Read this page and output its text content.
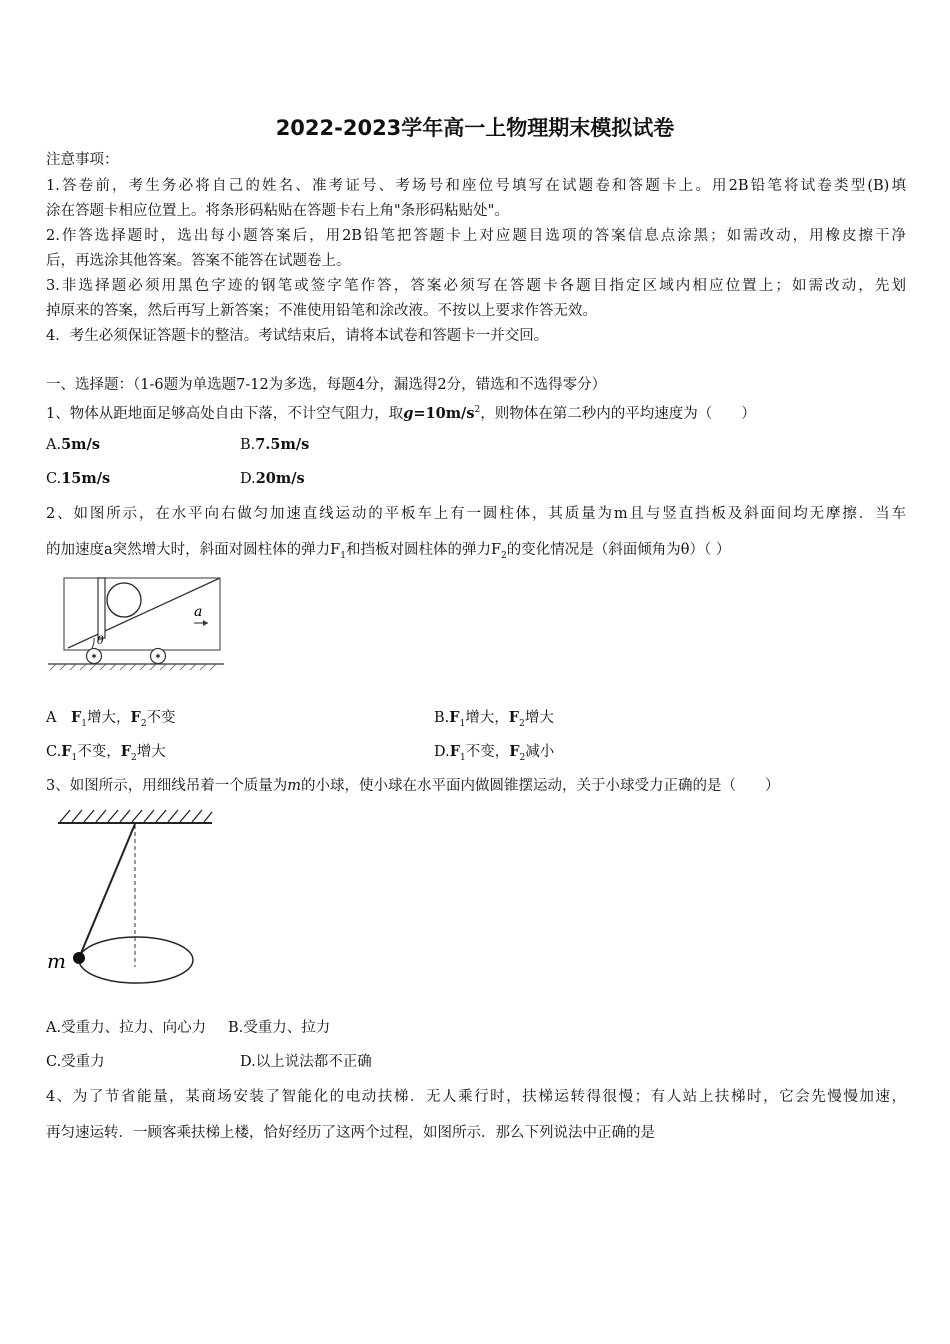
2022-2023学年高一上物理期末模拟试卷
注意事项：
1.答卷前，考生务必将自己的姓名、准考证号、考场号和座位号填写在试题卷和答题卡上。用2B铅笔将试卷类型(B)填
涂在答题卡相应位置上。将条形码粘贴在答题卡右上角"条形码粘贴处"。
2.作答选择题时，选出每小题答案后，用2B铅笔把答题卡上对应题目选项的答案信息点涂黑；如需改动，用橡皮擦干净
后，再选涂其他答案。答案不能答在试题卷上。
3.非选择题必须用黑色字迹的钢笔或签字笔作答，答案必须写在答题卡各题目指定区域内相应位置上；如需改动，先划
掉原来的答案，然后再写上新答案；不准使用铅笔和涂改液。不按以上要求作答无效。
4．考生必须保证答题卡的整洁。考试结束后，请将本试卷和答题卡一并交回。
一、选择题：（1-6题为单选题7-12为多选，每题4分，漏选得2分，错选和不选得零分）
1、物体从距地面足够高处自由下落，不计空气阻力，取$g=10m/s^2$，则物体在第二秒内的平均速度为（　　）
A.5m/s	B.7.5m/s
C.15m/s	D.20m/s
2、如图所示，在水平向右做匀加速直线运动的平板车上有一圆柱体，其质量为m且与竖直挡板及斜面间均无摩擦．当车
的加速度a突然增大时，斜面对圆柱体的弹力$F_1$和挡板对圆柱体的弹力$F_2$的变化情况是（斜面倾角为θ）（ ）
θ
a
A　$F_1$增大，$F_2$不变	$B.F_1$增大，$F_2$增大
$C.F_1$不变，$F_2$增大	$D.F_1$不变，$F_2$减小
3、如图所示，用细线吊着一个质量为m的小球，使小球在水平面内做圆锥摆运动，关于小球受力正确的是（　　）
m
A.受重力、拉力、向心力 B.受重力、拉力
C.受重力	D.以上说法都不正确
4、为了节省能量，某商场安装了智能化的电动扶梯．无人乘行时，扶梯运转得很慢；有人站上扶梯时，它会先慢慢加速，
再匀速运转．一顾客乘扶梯上楼，恰好经历了这两个过程，如图所示．那么下列说法中正确的是
